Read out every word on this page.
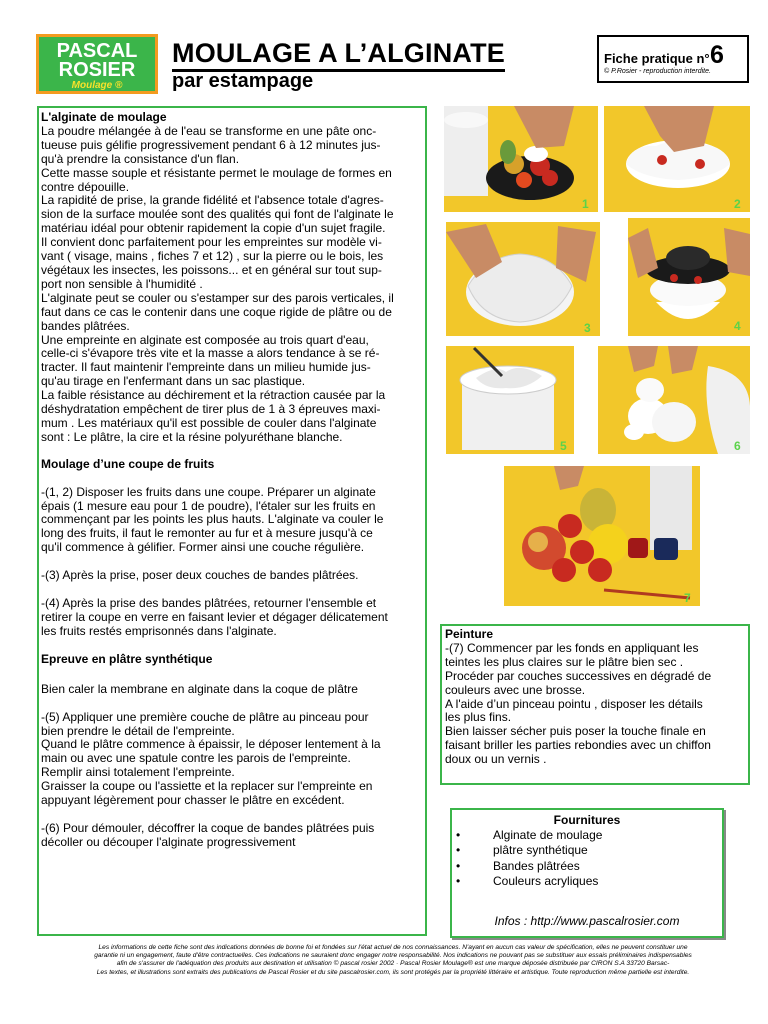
PASCAL
ROSIER
Moulage ®
MOULAGE A L’ALGINATE
par estampage
Fiche pratique n° 6
© P.Rosier - reproduction interdite.

L'alginate de moulage

La poudre mélangée à de l'eau se transforme en une pâte onc-

tueuse puis gélifie progressivement pendant 6 à 12 minutes jus-

qu'à prendre la consistance d'un flan.

Cette masse souple et résistante permet le moulage de formes en

contre dépouille.

La rapidité de prise, la grande fidélité et l'absence totale d'agres-

sion de la surface moulée sont des qualités qui font de l'alginate le

matériau idéal pour obtenir rapidement la copie d'un sujet fragile.

Il convient donc parfaitement pour les empreintes sur modèle vi-

vant ( visage, mains , fiches 7 et 12) , sur la pierre ou le bois, les

végétaux les insectes, les poissons... et en général sur tout sup-

port non sensible à l'humidité .

L'alginate peut se couler ou s'estamper sur des parois verticales, il

faut dans ce cas le contenir dans une coque rigide de plâtre ou de

bandes plâtrées.

Une empreinte en alginate est composée au trois quart d'eau,

celle-ci s'évapore très vite et la masse a alors tendance à se ré-

tracter. Il faut maintenir l'empreinte dans un milieu humide jus-

qu'au tirage en l'enfermant dans un sac plastique.

La faible résistance au déchirement et la rétraction causée par la

déshydratation empêchent de tirer plus de 1 à 3 épreuves maxi-

mum . Les matériaux qu'il est possible de couler dans l'alginate

sont : Le plâtre, la cire et la résine polyuréthane blanche.

Moulage d’une coupe de fruits

-(1, 2) Disposer les fruits dans une coupe. Préparer un alginate

épais (1 mesure eau pour 1 de poudre), l'étaler sur les fruits en

commençant par les points les plus hauts. L'alginate va couler le

long des fruits, il faut le remonter au fur et à mesure jusqu'à ce

qu'il commence à gélifier. Former ainsi une couche régulière.

-(3) Après la prise, poser deux couches de bandes plâtrées.

-(4) Après la prise des bandes plâtrées, retourner l'ensemble et

retirer la coupe en verre en faisant levier et dégager délicatement

les fruits restés emprisonnés dans l'alginate.

Epreuve en plâtre synthétique

Bien caler la membrane en alginate dans la coque de plâtre

-(5) Appliquer une première couche de plâtre au pinceau pour

bien prendre le détail de l'empreinte.

Quand le plâtre commence à épaissir, le déposer lentement à la

main ou avec une spatule contre les parois de l'empreinte.

Remplir ainsi totalement l'empreinte.

Graisser la coupe ou l'assiette et la replacer sur l'empreinte en

appuyant légèrement pour chasser le plâtre en excédent.

-(6) Pour démouler, décoffrer la coque de bandes plâtrées puis

décoller ou découper l'alginate progressivement

1	2
3	4
5	6
7

Peinture

-(7) Commencer par les fonds en appliquant les

teintes les plus claires sur le plâtre bien sec .

Procéder par couches successives en dégradé de

couleurs avec une brosse.

A l'aide d’un pinceau pointu , disposer les détails

les plus fins.

Bien laisser sécher puis poser la touche finale en

faisant briller les parties rebondies avec un chiffon

doux ou un vernis .

Fournitures
• Alginate de moulage
• plâtre synthétique
• Bandes plâtrées
• Couleurs acryliques
Infos : http://www.pascalrosier.com
Les informations de cette fiche sont des indications données de bonne foi et fondées sur l'état actuel de nos connaissances. N'ayant en aucun cas valeur de spécification, elles ne peuvent constituer une
garantie ni un engagement, faute d'être contractuelles. Ces indications ne sauraient donc engager notre responsabilité. Nos indications ne pouvant pas se substituer aux essais préliminaires indispensables
afin de s'assurer de l'adéquation des produits aux destination et utilisation © pascal rosier 2002 · Pascal Rosier Moulage® est une marque déposée distribuée par CIRON S.A 33720 Barsac-
Les textes, et illustrations sont extraits des publications de Pascal Rosier et du site pascalrosier.com, ils sont protégés par la propriété littéraire et artistique. Toute reproduction même partielle est interdite.
